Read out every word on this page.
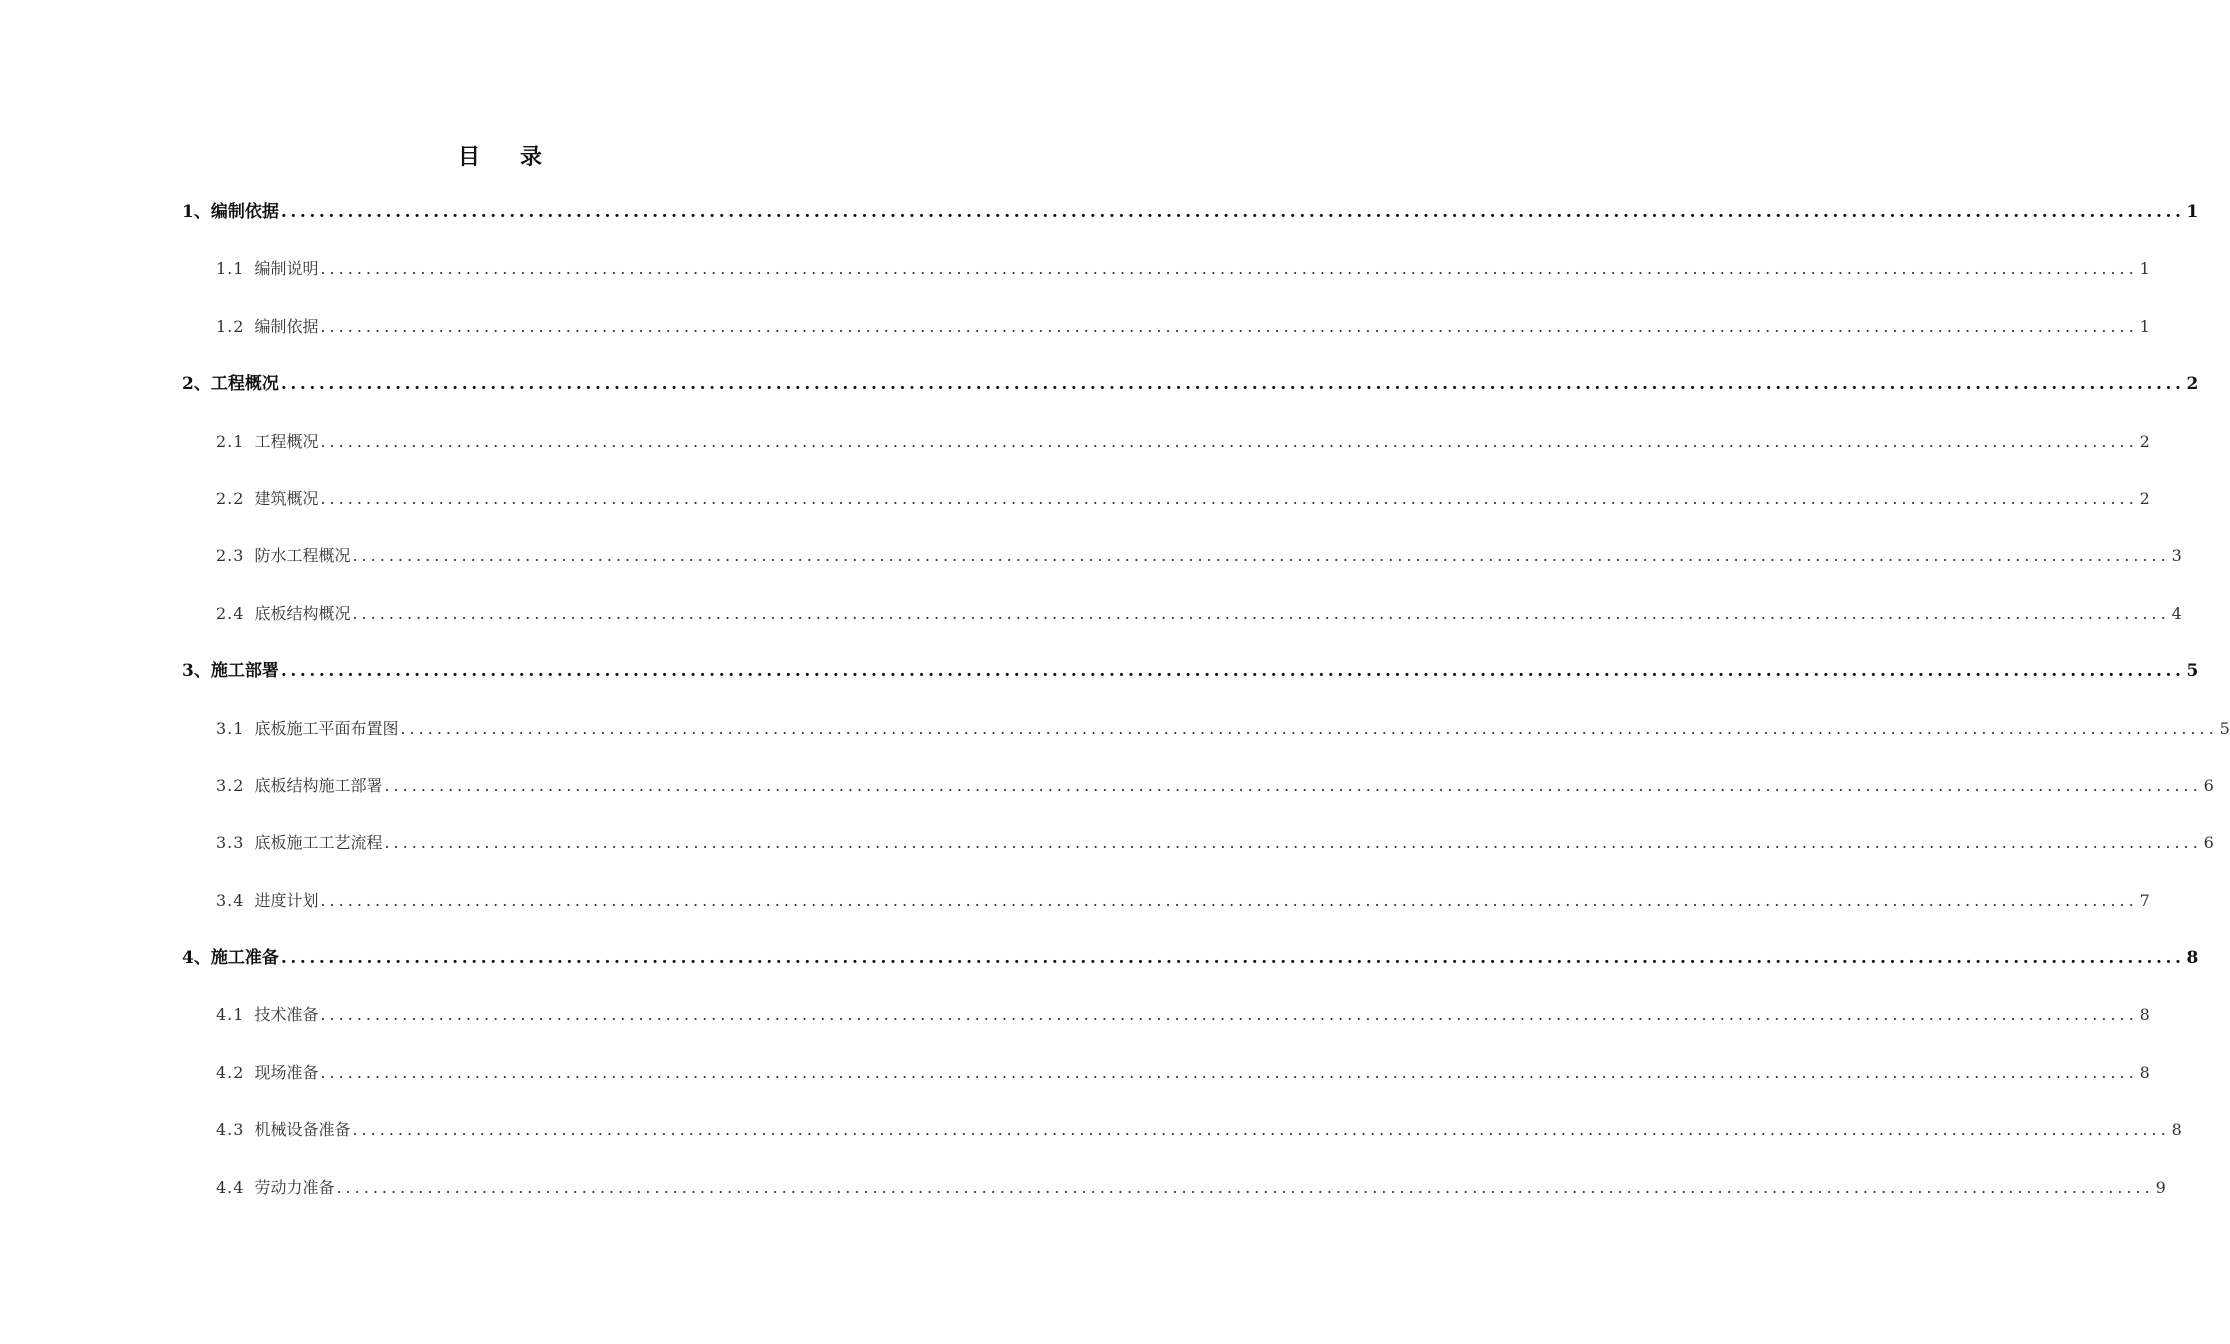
目 录
1、 编制依据 ........................................................................................................................................................................................................ 1
1.1 编制说明 ........................................................................................................................................................................................................ 1
1.2 编制依据 ........................................................................................................................................................................................................ 1
2、 工程概况 ........................................................................................................................................................................................................ 2
2.1 工程概况 ........................................................................................................................................................................................................ 2
2.2 建筑概况 ........................................................................................................................................................................................................ 2
2.3 防水工程概况 ........................................................................................................................................................................................................ 3
2.4 底板结构概况 ........................................................................................................................................................................................................ 4
3、 施工部署 ........................................................................................................................................................................................................ 5
3.1 底板施工平面布置图 ........................................................................................................................................................................................................ 5
3.2 底板结构施工部署 ........................................................................................................................................................................................................ 6
3.3 底板施工工艺流程 ........................................................................................................................................................................................................ 6
3.4 进度计划 ........................................................................................................................................................................................................ 7
4、 施工准备 ........................................................................................................................................................................................................ 8
4.1 技术准备 ........................................................................................................................................................................................................ 8
4.2 现场准备 ........................................................................................................................................................................................................ 8
4.3 机械设备准备 ........................................................................................................................................................................................................ 8
4.4 劳动力准备 ........................................................................................................................................................................................................ 9
